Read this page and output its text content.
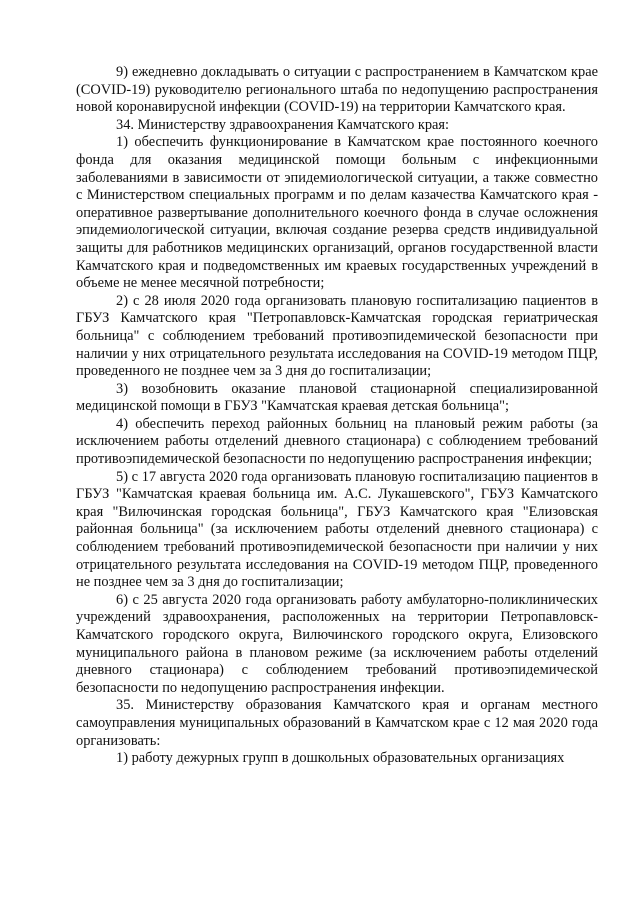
9) ежедневно докладывать о ситуации с распространением в Камчатском крае (COVID-19) руководителю регионального штаба по недопущению распространения новой коронавирусной инфекции (COVID-19) на территории Камчатского края.

34. Министерству здравоохранения Камчатского края:

1) обеспечить функционирование в Камчатском крае постоянного коечного фонда для оказания медицинской помощи больным с инфекционными заболеваниями в зависимости от эпидемиологической ситуации, а также совместно с Министерством специальных программ и по делам казачества Камчатского края - оперативное развертывание дополнительного коечного фонда в случае осложнения эпидемиологической ситуации, включая создание резерва средств индивидуальной защиты для работников медицинских организаций, органов государственной власти Камчатского края и подведомственных им краевых государственных учреждений в объеме не менее месячной потребности;

2) с 28 июля 2020 года организовать плановую госпитализацию пациентов в ГБУЗ Камчатского края "Петропавловск-Камчатская городская гериатрическая больница" с соблюдением требований противоэпидемической безопасности при наличии у них отрицательного результата исследования на COVID-19 методом ПЦР, проведенного не позднее чем за 3 дня до госпитализации;

3) возобновить оказание плановой стационарной специализированной медицинской помощи в ГБУЗ "Камчатская краевая детская больница";

4) обеспечить переход районных больниц на плановый режим работы (за исключением работы отделений дневного стационара) с соблюдением требований противоэпидемической безопасности по недопущению распространения инфекции;

5) с 17 августа 2020 года организовать плановую госпитализацию пациентов в ГБУЗ "Камчатская краевая больница им. А.С. Лукашевского", ГБУЗ Камчатского края "Вилючинская городская больница", ГБУЗ Камчатского края "Елизовская районная больница" (за исключением работы отделений дневного стационара) с соблюдением требований противоэпидемической безопасности при наличии у них отрицательного результата исследования на COVID-19 методом ПЦР, проведенного не позднее чем за 3 дня до госпитализации;

6) с 25 августа 2020 года организовать работу амбулаторно-поликлинических учреждений здравоохранения, расположенных на территории Петропавловск-Камчатского городского округа, Вилючинского городского округа, Елизовского муниципального района в плановом режиме (за исключением работы отделений дневного стационара) с соблюдением требований противоэпидемической безопасности по недопущению распространения инфекции.

35. Министерству образования Камчатского края и органам местного самоуправления муниципальных образований в Камчатском крае с 12 мая 2020 года организовать:

1) работу дежурных групп в дошкольных образовательных организациях
